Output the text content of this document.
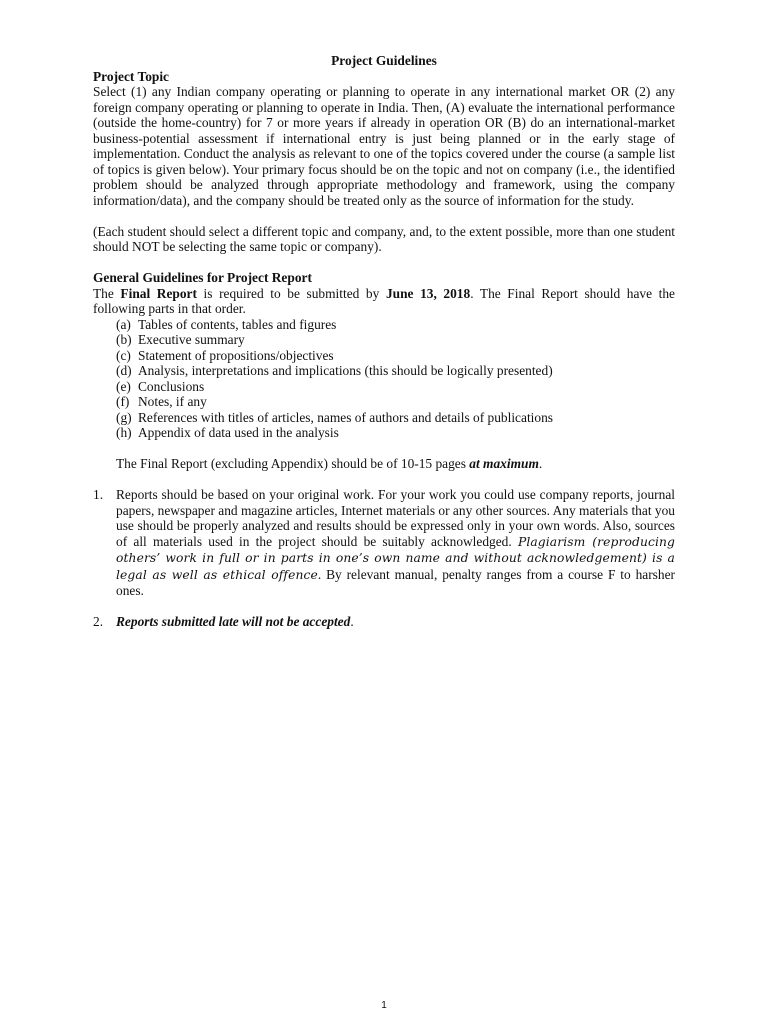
Project Guidelines

Project Topic

Select (1) any Indian company operating or planning to operate in any international market OR (2) any foreign company operating or planning to operate in India. Then, (A) evaluate the international performance (outside the home-country) for 7 or more years if already in operation OR (B) do an international-market business-potential assessment if international entry is just being planned or in the early stage of implementation. Conduct the analysis as relevant to one of the topics covered under the course (a sample list of topics is given below). Your primary focus should be on the topic and not on company (i.e., the identified problem should be analyzed through appropriate methodology and framework, using the company information/data), and the company should be treated only as the source of information for the study.

(Each student should select a different topic and company, and, to the extent possible, more than one student should NOT be selecting the same topic or company).

General Guidelines for Project Report

The Final Report is required to be submitted by June 13, 2018. The Final Report should have the following parts in that order.

(a) Tables of contents, tables and figures
(b) Executive summary
(c) Statement of propositions/objectives
(d) Analysis, interpretations and implications (this should be logically presented)
(e) Conclusions
(f) Notes, if any
(g) References with titles of articles, names of authors and details of publications
(h) Appendix of data used in the analysis

The Final Report (excluding Appendix) should be of 10-15 pages at maximum.

1. Reports should be based on your original work. For your work you could use company reports, journal papers, newspaper and magazine articles, Internet materials or any other sources. Any materials that you use should be properly analyzed and results should be expressed only in your own words. Also, sources of all materials used in the project should be suitably acknowledged. Plagiarism (reproducing others’ work in full or in parts in one’s own name and without acknowledgement) is a legal as well as ethical offence. By relevant manual, penalty ranges from a course F to harsher ones.
2. Reports submitted late will not be accepted.
1
